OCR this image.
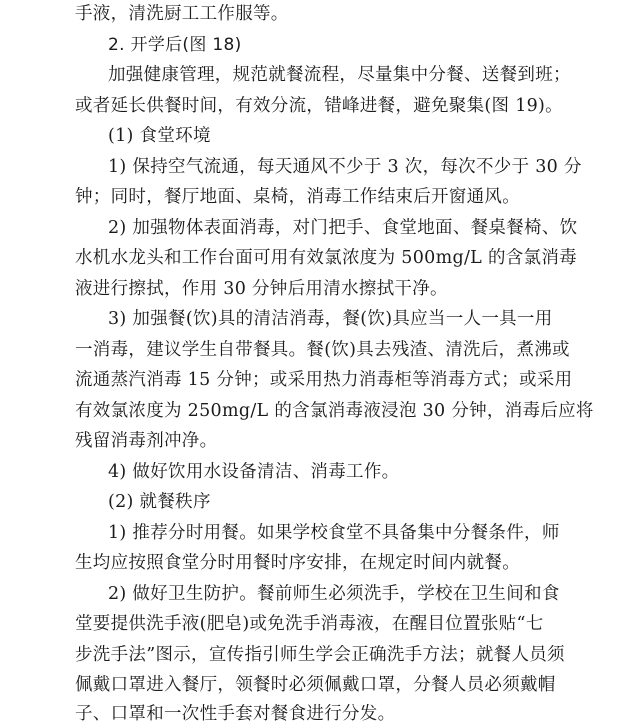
手液，清洗厨工工作服等。
2. 开学后(图 18)
加强健康管理，规范就餐流程，尽量集中分餐、送餐到班；
或者延长供餐时间，有效分流，错峰进餐，避免聚集(图 19)。
(1) 食堂环境
1) 保持空气流通，每天通风不少于 3 次，每次不少于 30 分
钟；同时，餐厅地面、桌椅，消毒工作结束后开窗通风。
2) 加强物体表面消毒，对门把手、食堂地面、餐桌餐椅、饮
水机水龙头和工作台面可用有效氯浓度为 500mg/L 的含氯消毒
液进行擦拭，作用 30 分钟后用清水擦拭干净。
3) 加强餐(饮)具的清洁消毒，餐(饮)具应当一人一具一用
一消毒，建议学生自带餐具。餐(饮)具去残渣、清洗后，煮沸或
流通蒸汽消毒 15 分钟；或采用热力消毒柜等消毒方式；或采用
有效氯浓度为 250mg/L 的含氯消毒液浸泡 30 分钟，消毒后应将
残留消毒剂冲净。
4) 做好饮用水设备清洁、消毒工作。
(2) 就餐秩序
1) 推荐分时用餐。如果学校食堂不具备集中分餐条件，师
生均应按照食堂分时用餐时序安排，在规定时间内就餐。
2) 做好卫生防护。餐前师生必须洗手，学校在卫生间和食
堂要提供洗手液(肥皂)或免洗手消毒液，在醒目位置张贴“七
步洗手法”图示，宣传指引师生学会正确洗手方法；就餐人员须
佩戴口罩进入餐厅，领餐时必须佩戴口罩，分餐人员必须戴帽
子、口罩和一次性手套对餐食进行分发。
